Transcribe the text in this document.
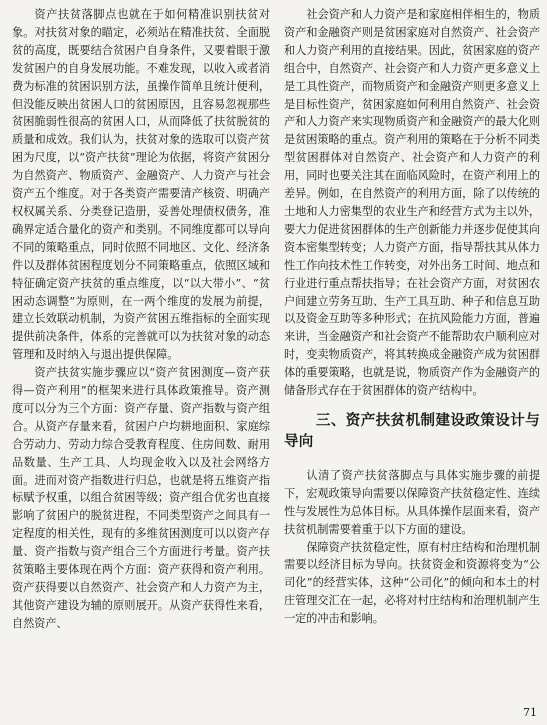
资产扶贫落脚点也就在于如何精准识别扶贫对象。对扶贫对象的瞄定，必须站在精准扶贫、全面脱贫的高度，既要结合贫困户自身条件，又要着眼于激发贫困户的自身发展功能。不难发现，以收入或者消费为标准的贫困识别方法，虽操作简单且统计便利，但没能反映出贫困人口的贫困原因，且容易忽视那些贫困脆弱性很高的贫困人口，从而降低了扶贫脱贫的质量和成效。我们认为，扶贫对象的选取可以资产贫困为尺度，以“资产扶贫”理论为依据，将资产贫困分为自然资产、物质资产、金融资产、人力资产与社会资产五个维度。对于各类资产需要清产核资、明确产权权属关系、分类登记造册，妥善处理债权债务，准确界定适合量化的资产和类别。不同维度都可以导向不同的策略重点，同时依照不同地区、文化、经济条件以及群体贫困程度划分不同策略重点，依照区域和特征确定资产扶贫的重点维度，以“以大带小”、“贫困动态调整”为原则，在一两个维度的发展为前提，建立长效联动机制，为资产贫困五维指标的全面实现提供前决条件，体系的完善就可以为扶贫对象的动态管理和及时纳入与退出提供保障。

资产扶贫实施步骤应以“资产贫困测度—资产获得—资产利用”的框架来进行具体政策推导。资产测度可以分为三个方面：资产存量、资产指数与资产组合。从资产存量来看，贫困户户均耕地面积、家庭综合劳动力、劳动力综合受教育程度、住房间数、耐用品数量、生产工具、人均现金收入以及社会网络方面。进而对资产指数进行归总，也就是将五维资产指标赋予权重，以组合贫困等级；资产组合优劣也直接影响了贫困户的脱贫进程，不同类型资产之间具有一定程度的相关性，现有的多维贫困测度可以以资产存量、资产指数与资产组合三个方面进行考量。资产扶贫策略主要体现在两个方面：资产获得和资产利用。资产获得要以自然资产、社会资产和人力资产为主，其他资产建设为辅的原则展开。从资产获得性来看，自然资产、

社会资产和人力资产是和家庭相伴相生的，物质资产和金融资产则是贫困家庭对自然资产、社会资产和人力资产利用的直接结果。因此，贫困家庭的资产组合中，自然资产、社会资产和人力资产更多意义上是工具性资产，而物质资产和金融资产则更多意义上是目标性资产，贫困家庭如何利用自然资产、社会资产和人力资产来实现物质资产和金融资产的最大化则是贫困策略的重点。资产利用的策略在于分析不同类型贫困群体对自然资产、社会资产和人力资产的利用，同时也要关注其在面临风险时，在资产利用上的差异。例如，在自然资产的利用方面，除了以传统的土地和人力密集型的农业生产和经营方式为主以外，要大力促进贫困群体的生产创新能力并逐步促使其向资本密集型转变；人力资产方面，指导帮扶其从体力性工作向技术性工作转变，对外出务工时间、地点和行业进行重点帮扶指导；在社会资产方面，对贫困农户间建立劳务互助、生产工具互助、种子和信息互助以及资金互助等多种形式；在抗风险能力方面，普遍来讲，当金融资产和社会资产不能帮助农户顺利应对时，变卖物质资产，将其转换成金融资产成为贫困群体的重要策略，也就是说，物质资产作为金融资产的储备形式存在于贫困群体的资产结构中。

三、资产扶贫机制建设政策设计与导向

认清了资产扶贫落脚点与具体实施步骤的前提下，宏观政策导向需要以保障资产扶贫稳定性、连续性与发展性为总体目标。从具体操作层面来看，资产扶贫机制需要着重于以下方面的建设。

保障资产扶贫稳定性，原有村庄结构和治理机制需要以经济目标为导向。扶贫资金和资源将变为“公司化”的经营实体，这种“公司化”的倾向和本土的村庄管理交汇在一起，必将对村庄结构和治理机制产生一定的冲击和影响。

71
